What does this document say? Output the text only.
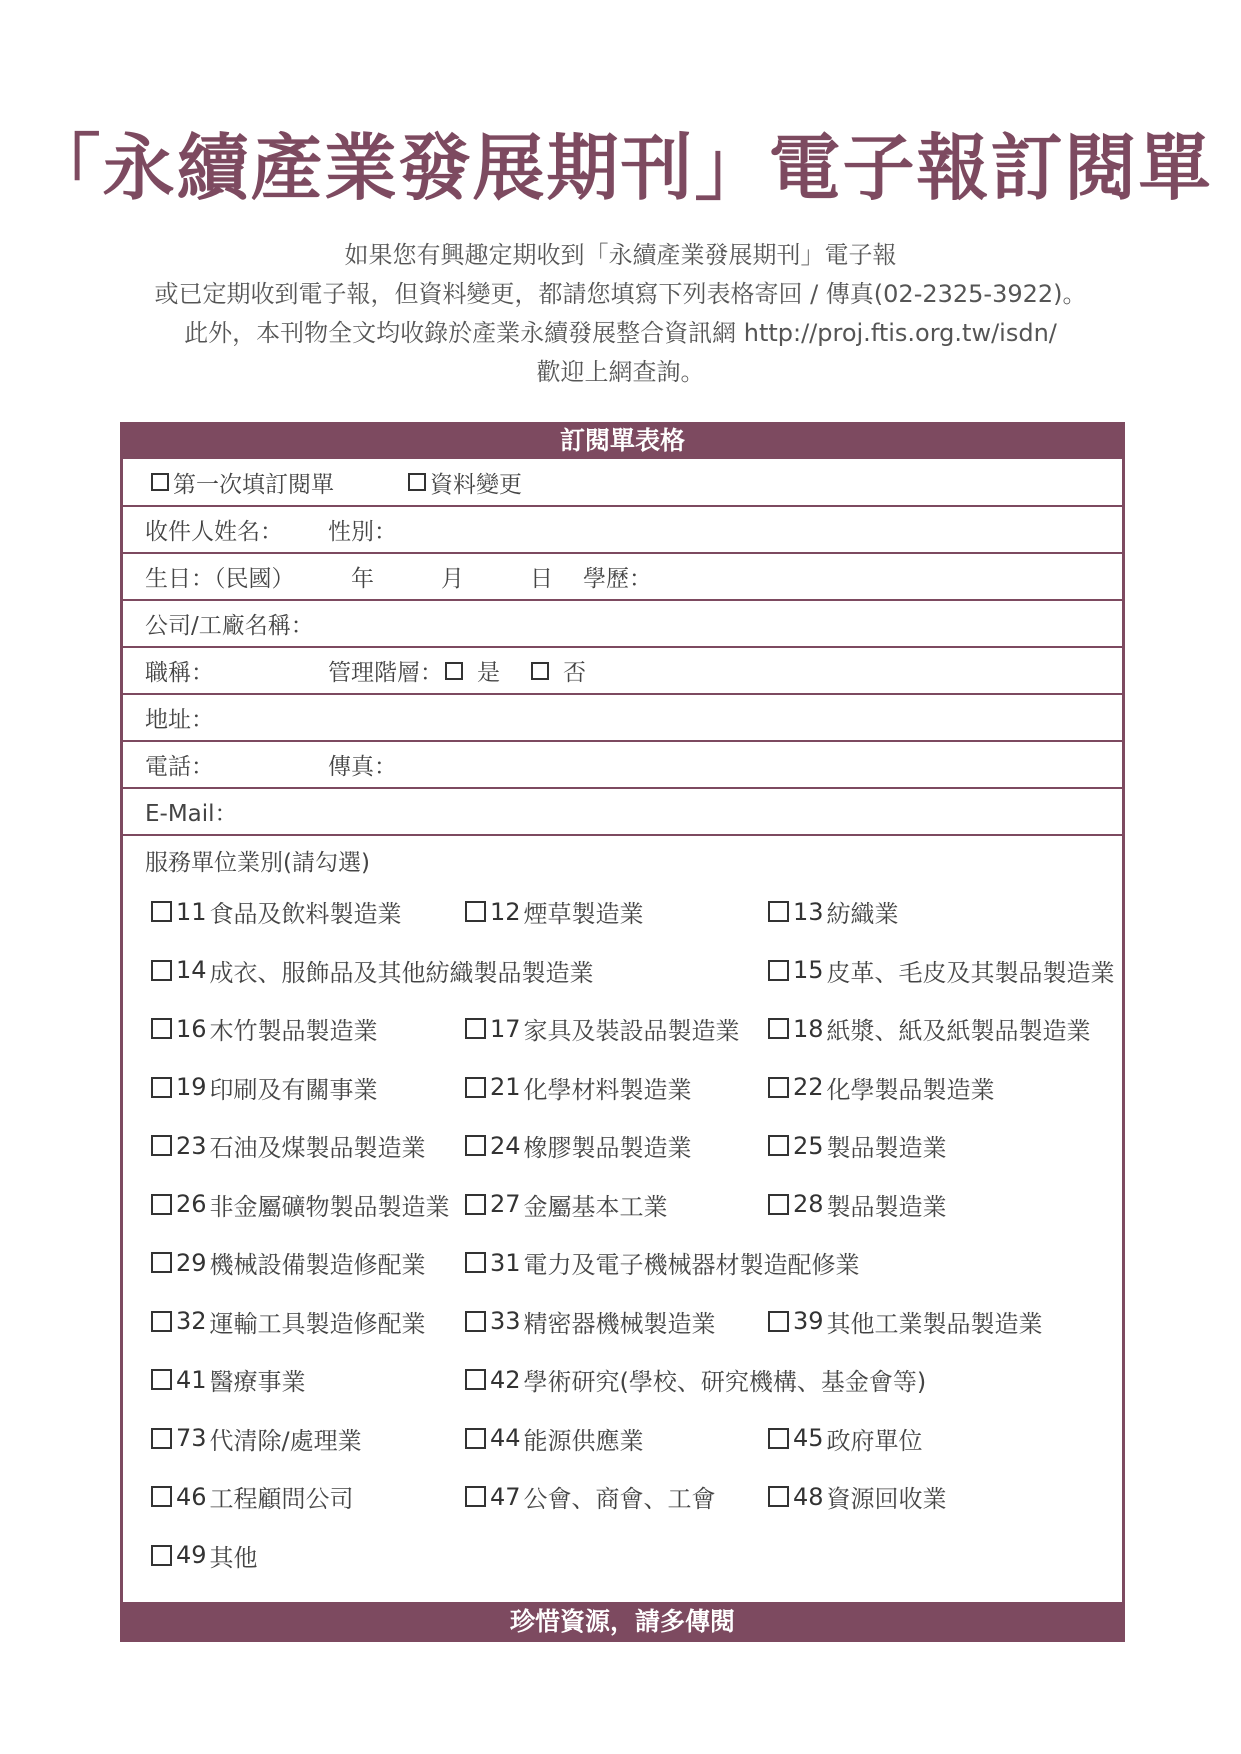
「永續產業發展期刊」電子報訂閱單
如果您有興趣定期收到「永續產業發展期刊」電子報
或已定期收到電子報，但資料變更，都請您填寫下列表格寄回 / 傳真(02-2325-3922)。
此外，本刊物全文均收錄於產業永續發展整合資訊網 http://proj.ftis.org.tw/isdn/
歡迎上網查詢。
訂閱單表格
第一次填訂閱單	資料變更
收件人姓名： 性別：
生日：（民國） 年	月	日 學歷：
公司/工廠名稱：
職稱：	管理階層： 是	否
地址：
電話：	傳真：
E-Mail：
服務單位業別(請勾選)
11 食品及飲料製造業	12 煙草製造業	13 紡織業
14 成衣、服飾品及其他紡織製品製造業	15 皮革、毛皮及其製品製造業
16 木竹製品製造業	17 家具及裝設品製造業 18 紙漿、紙及紙製品製造業
19 印刷及有關事業	21 化學材料製造業	22 化學製品製造業
23 石油及煤製品製造業	24 橡膠製品製造業	25 製品製造業
26 非金屬礦物製品製造業 27 金屬基本工業	28 製品製造業
29 機械設備製造修配業	31 電力及電子機械器材製造配修業
32 運輸工具製造修配業	33 精密器機械製造業	39 其他工業製品製造業
41 醫療事業	42 學術研究(學校、研究機構、基金會等)
73 代清除/處理業	44 能源供應業	45 政府單位
46 工程顧問公司	47 公會、商會、工會	48 資源回收業
49 其他
珍惜資源，請多傳閱
